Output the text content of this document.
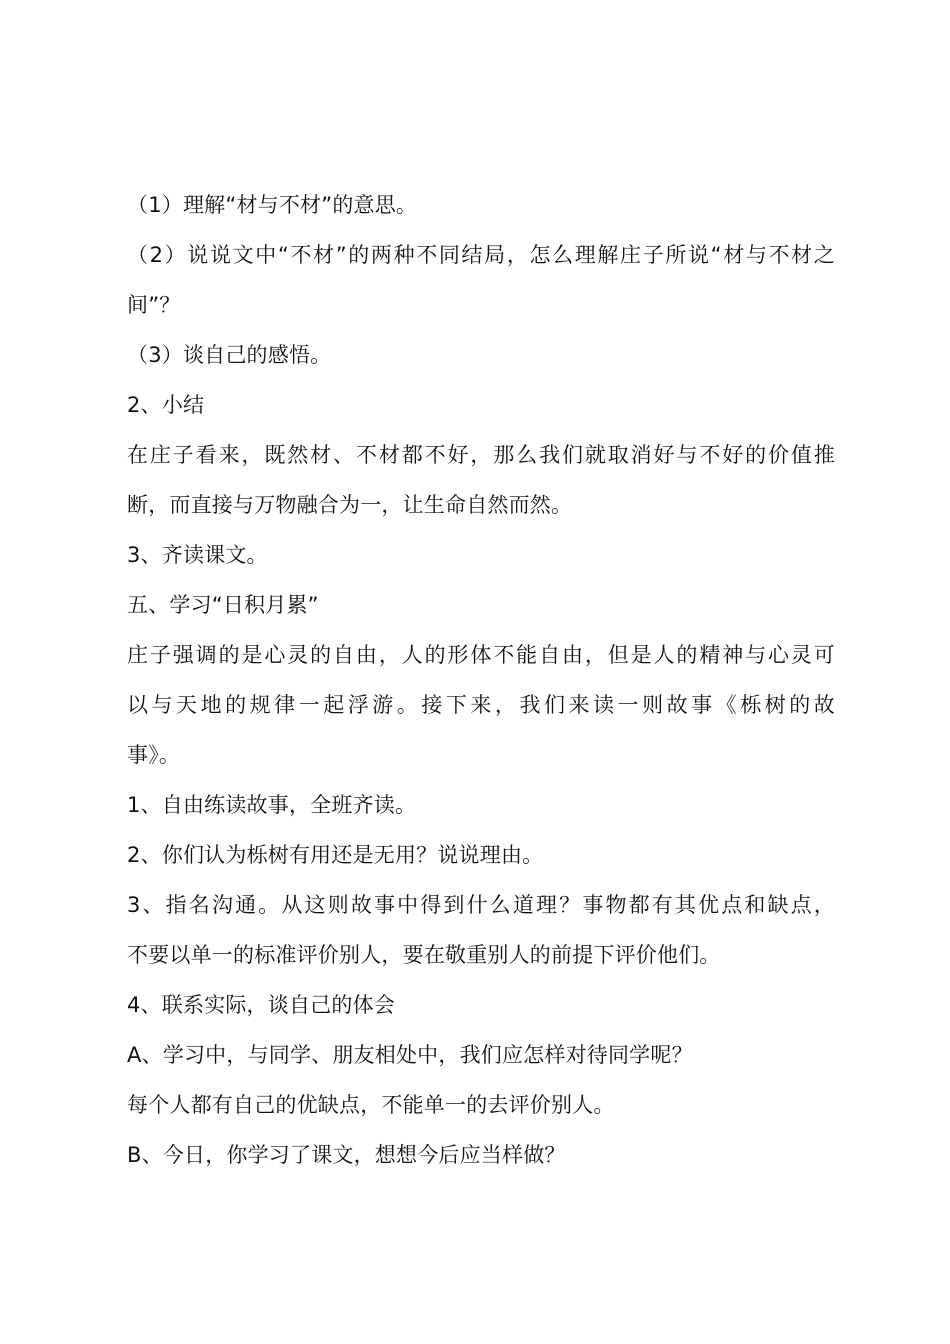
（1）理解“材与不材”的意思。
（2）说说文中“不材”的两种不同结局，怎么理解庄子所说“材与不材之
间”？
（3）谈自己的感悟。
2、小结
在庄子看来，既然材、不材都不好，那么我们就取消好与不好的价值推
断，而直接与万物融合为一，让生命自然而然。
3、齐读课文。
五、学习“日积月累”
庄子强调的是心灵的自由，人的形体不能自由，但是人的精神与心灵可
以与天地的规律一起浮游。接下来，我们来读一则故事《栎树的故
事》。
1、自由练读故事，全班齐读。
2、你们认为栎树有用还是无用？说说理由。
3、指名沟通。从这则故事中得到什么道理？事物都有其优点和缺点，
不要以单一的标准评价别人，要在敬重别人的前提下评价他们。
4、联系实际，谈自己的体会
A、学习中，与同学、朋友相处中，我们应怎样对待同学呢？
每个人都有自己的优缺点，不能单一的去评价别人。
B、今日，你学习了课文，想想今后应当样做？
